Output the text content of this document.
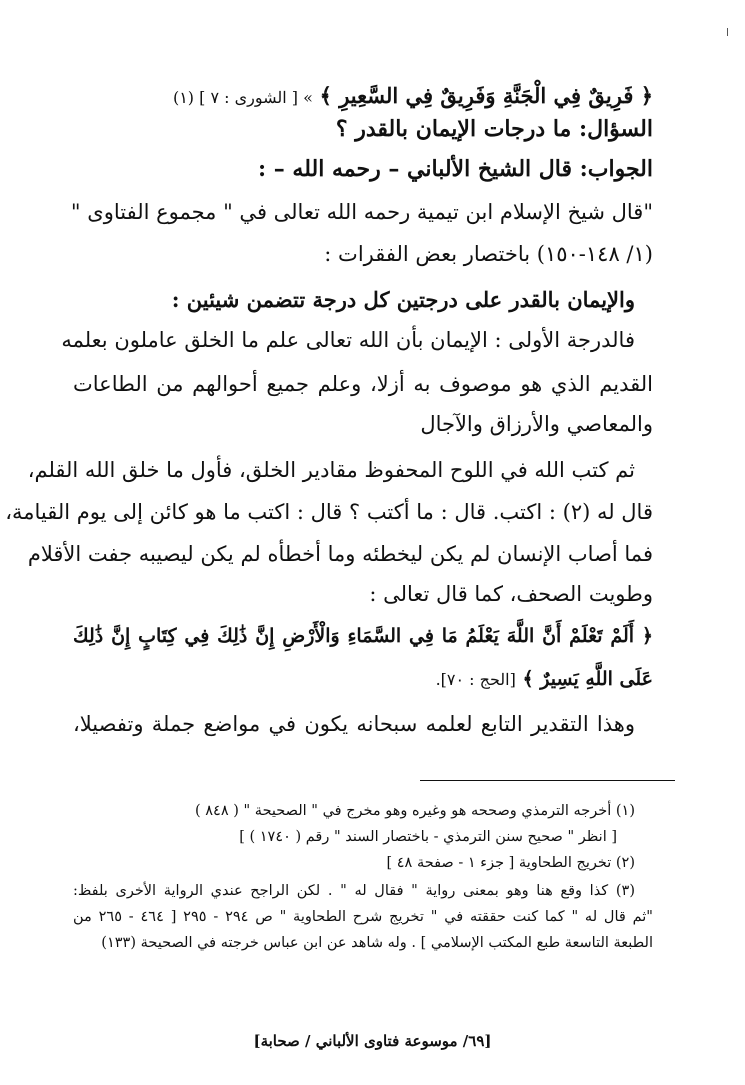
﴿ فَرِيقٌ فِي الْجَنَّةِ وَفَرِيقٌ فِي السَّعِيرِ ﴾ » [ الشورى : ٧ ] (١)
السؤال: ما درجات الإيمان بالقدر ؟
الجواب: قال الشيخ الألباني – رحمه الله – :
"قال شيخ الإسلام ابن تيمية رحمه الله تعالى في " مجموع الفتاوى "
(١/ ١٤٨-١٥٠) باختصار بعض الفقرات :
والإيمان بالقدر على درجتين كل درجة تتضمن شيئين :
فالدرجة الأولى : الإيمان بأن الله تعالى علم ما الخلق عاملون بعلمه
القديم الذي هو موصوف به أزلا، وعلم جميع أحوالهم من الطاعات
والمعاصي والأرزاق والآجال
ثم كتب الله في اللوح المحفوظ مقادير الخلق، فأول ما خلق الله القلم،
قال له (٢) : اكتب. قال : ما أكتب ؟ قال : اكتب ما هو كائن إلى يوم القيامة،
فما أصاب الإنسان لم يكن ليخطئه وما أخطأه لم يكن ليصيبه جفت الأقلام
وطويت الصحف، كما قال تعالى :
﴿ أَلَمْ تَعْلَمْ أَنَّ اللَّهَ يَعْلَمُ مَا فِي السَّمَاءِ وَالْأَرْضِ إِنَّ ذَٰلِكَ فِي كِتَابٍ إِنَّ ذَٰلِكَ
عَلَى اللَّهِ يَسِيرٌ ﴾ [الحج : ٧٠].
وهذا التقدير التابع لعلمه سبحانه يكون في مواضع جملة وتفصيلا،
(١) أخرجه الترمذي وصححه هو وغيره وهو مخرج في " الصحيحة " ( ٨٤٨ )
[ انظر " صحيح سنن الترمذي - باختصار السند " رقم ( ١٧٤٠ ) ]
(٢) تخريج الطحاوية [ جزء ١ - صفحة ٤٨ ]
(٣) كذا وقع هنا وهو بمعنى رواية " فقال له " . لكن الراجح عندي الرواية الأخرى بلفظ:
"ثم قال له " كما كنت حققته في " تخريج شرح الطحاوية " ص ٢٩٤ - ٢٩٥ [ ٤٦٤ - ٢٦٥ من
الطبعة التاسعة طبع المكتب الإسلامي ] . وله شاهد عن ابن عباس خرجته في الصحيحة (١٣٣)
[٦٩/ موسوعة فتاوى الألباني / صحابة]
